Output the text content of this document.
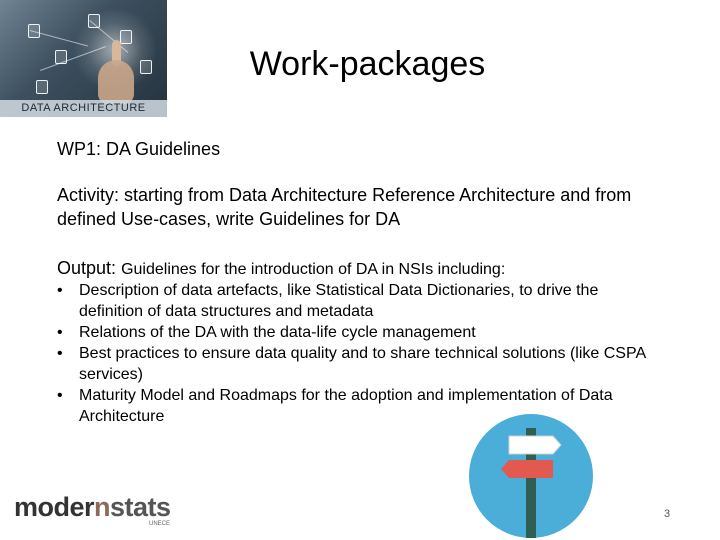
DATA ARCHITECTURE
Work-packages
WP1: DA Guidelines
Activity: starting from Data Architecture Reference Architecture and from defined Use-cases, write Guidelines for DA
Output: Guidelines for the introduction of DA in NSIs including:
•	Description of data artefacts, like Statistical Data Dictionaries, to drive the definition of data structures and metadata
•	Relations of the DA with the data-life cycle management
•	Best practices to ensure data quality and to share technical solutions (like CSPA services)
•	Maturity Model and Roadmaps for the adoption and implementation of Data Architecture
modernstats
UNECE
3
